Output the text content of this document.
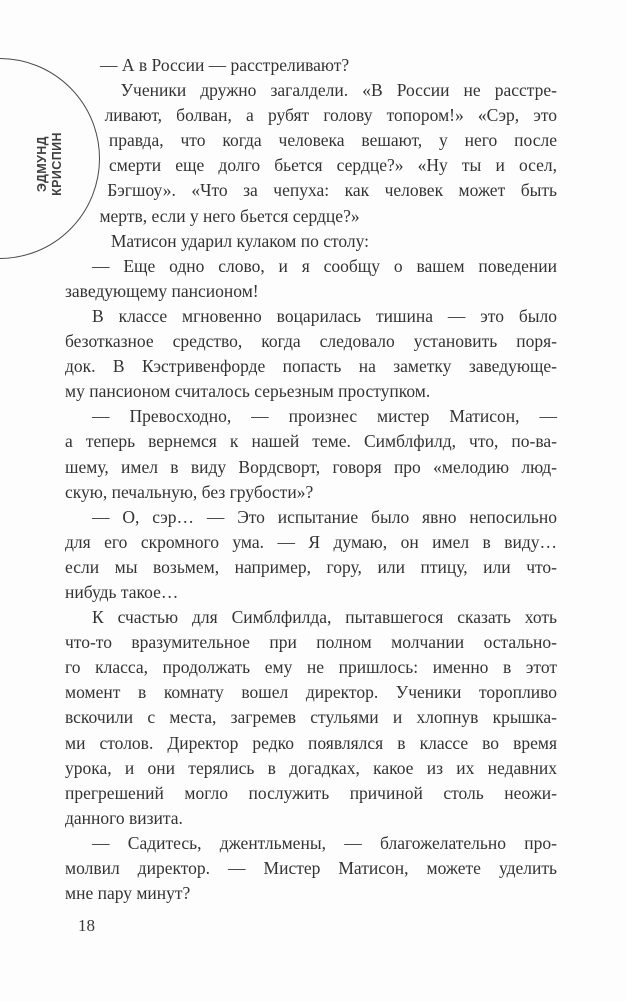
ЭДМУНД КРИСПИН
— А в России — расстреливают?
Ученики дружно загалдели. «В России не расстре-
ливают, болван, а рубят голову топором!» «Сэр, это
правда, что когда человека вешают, у него после
смерти еще долго бьется сердце?» «Ну ты и осел,
Бэгшоу». «Что за чепуха: как человек может быть
мертв, если у него бьется сердце?»
Матисон ударил кулаком по столу:
— Еще одно слово, и я сообщу о вашем поведении
заведующему пансионом!
В классе мгновенно воцарилась тишина — это было
безотказное средство, когда следовало установить поря-
док. В Кэстривенфорде попасть на заметку заведующе-
му пансионом считалось серьезным проступком.
— Превосходно, — произнес мистер Матисон, —
а теперь вернемся к нашей теме. Симблфилд, что, по-ва-
шему, имел в виду Вордсворт, говоря про «мелодию люд-
скую, печальную, без грубости»?
— О, сэр… — Это испытание было явно непосильно
для его скромного ума. — Я думаю, он имел в виду…
если мы возьмем, например, гору, или птицу, или что-
нибудь такое…
К счастью для Симблфилда, пытавшегося сказать хоть
что-то вразумительное при полном молчании остально-
го класса, продолжать ему не пришлось: именно в этот
момент в комнату вошел директор. Ученики торопливо
вскочили с места, загремев стульями и хлопнув крышка-
ми столов. Директор редко появлялся в классе во время
урока, и они терялись в догадках, какое из их недавних
прегрешений могло послужить причиной столь неожи-
данного визита.
— Садитесь, джентльмены, — благожелательно про-
молвил директор. — Мистер Матисон, можете уделить
мне пару минут?
18
